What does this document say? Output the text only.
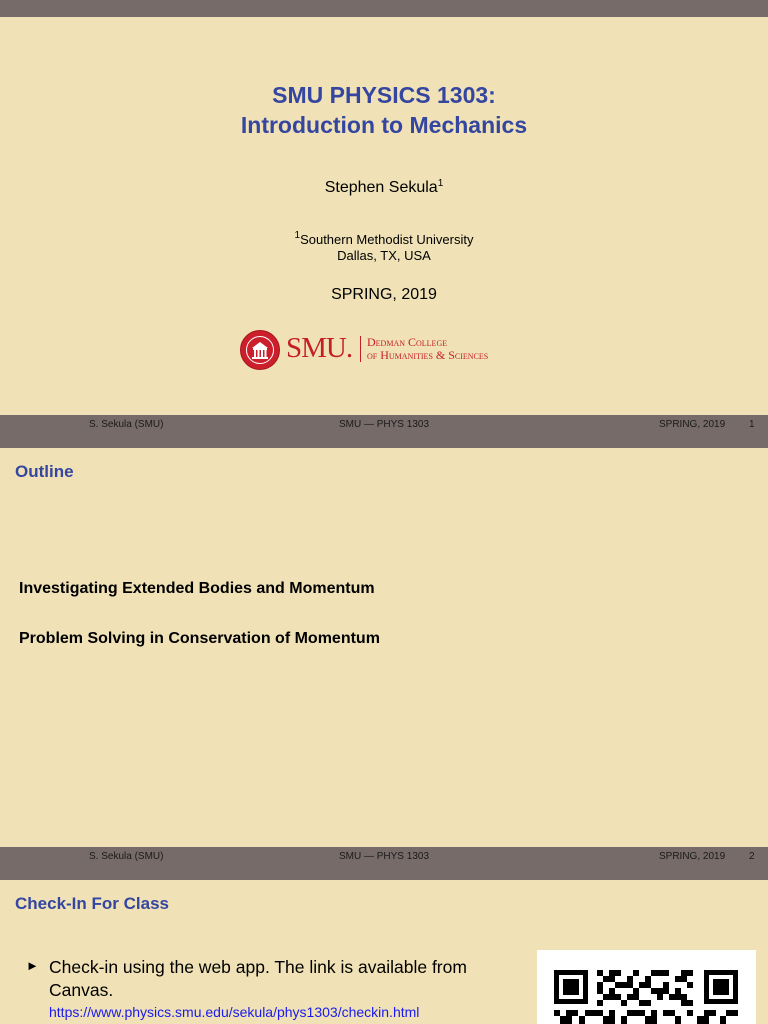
SMU PHYSICS 1303:
Introduction to Mechanics
Stephen Sekula$^1$
$^1$Southern Methodist University
Dallas, TX, USA
SPRING, 2019
SMU. Dedman College
of Humanities & Sciences
S. Sekula (SMU)	SMU — PHYS 1303	SPRING, 2019 1
Outline
Investigating Extended Bodies and Momentum
Problem Solving in Conservation of Momentum
S. Sekula (SMU)	SMU — PHYS 1303	SPRING, 2019 2
Check-In For Class
► Check-in using the web app. The link is available from Canvas.
https://www.physics.smu.edu/sekula/phys1303/checkin.html
